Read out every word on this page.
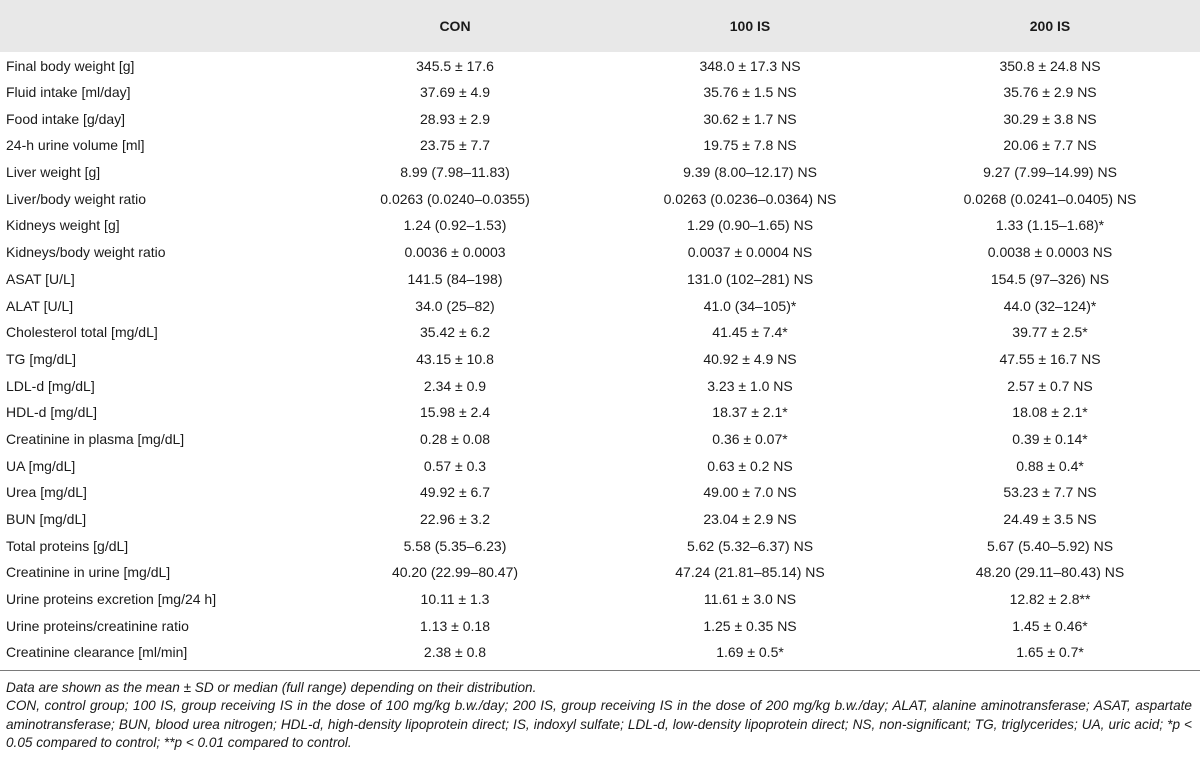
	CON	100 IS	200 IS
Final body weight [g]	345.5 ± 17.6	348.0 ± 17.3 NS	350.8 ± 24.8 NS
Fluid intake [ml/day]	37.69 ± 4.9	35.76 ± 1.5 NS	35.76 ± 2.9 NS
Food intake [g/day]	28.93 ± 2.9	30.62 ± 1.7 NS	30.29 ± 3.8 NS
24-h urine volume [ml]	23.75 ± 7.7	19.75 ± 7.8 NS	20.06 ± 7.7 NS
Liver weight [g]	8.99 (7.98–11.83)	9.39 (8.00–12.17) NS	9.27 (7.99–14.99) NS
Liver/body weight ratio	0.0263 (0.0240–0.0355)	0.0263 (0.0236–0.0364) NS	0.0268 (0.0241–0.0405) NS
Kidneys weight [g]	1.24 (0.92–1.53)	1.29 (0.90–1.65) NS	1.33 (1.15–1.68)*
Kidneys/body weight ratio	0.0036 ± 0.0003	0.0037 ± 0.0004 NS	0.0038 ± 0.0003 NS
ASAT [U/L]	141.5 (84–198)	131.0 (102–281) NS	154.5 (97–326) NS
ALAT [U/L]	34.0 (25–82)	41.0 (34–105)*	44.0 (32–124)*
Cholesterol total [mg/dL]	35.42 ± 6.2	41.45 ± 7.4*	39.77 ± 2.5*
TG [mg/dL]	43.15 ± 10.8	40.92 ± 4.9 NS	47.55 ± 16.7 NS
LDL-d [mg/dL]	2.34 ± 0.9	3.23 ± 1.0 NS	2.57 ± 0.7 NS
HDL-d [mg/dL]	15.98 ± 2.4	18.37 ± 2.1*	18.08 ± 2.1*
Creatinine in plasma [mg/dL]	0.28 ± 0.08	0.36 ± 0.07*	0.39 ± 0.14*
UA [mg/dL]	0.57 ± 0.3	0.63 ± 0.2 NS	0.88 ± 0.4*
Urea [mg/dL]	49.92 ± 6.7	49.00 ± 7.0 NS	53.23 ± 7.7 NS
BUN [mg/dL]	22.96 ± 3.2	23.04 ± 2.9 NS	24.49 ± 3.5 NS
Total proteins [g/dL]	5.58 (5.35–6.23)	5.62 (5.32–6.37) NS	5.67 (5.40–5.92) NS
Creatinine in urine [mg/dL]	40.20 (22.99–80.47)	47.24 (21.81–85.14) NS	48.20 (29.11–80.43) NS
Urine proteins excretion [mg/24 h]	10.11 ± 1.3	11.61 ± 3.0 NS	12.82 ± 2.8**
Urine proteins/creatinine ratio	1.13 ± 0.18	1.25 ± 0.35 NS	1.45 ± 0.46*
Creatinine clearance [ml/min]	2.38 ± 0.8	1.69 ± 0.5*	1.65 ± 0.7*

Data are shown as the mean ± SD or median (full range) depending on their distribution.

CON, control group; 100 IS, group receiving IS in the dose of 100 mg/kg b.w./day; 200 IS, group receiving IS in the dose of 200 mg/kg b.w./day; ALAT, alanine aminotransferase; ASAT, aspartate aminotransferase; BUN, blood urea nitrogen; HDL-d, high-density lipoprotein direct; IS, indoxyl sulfate; LDL-d, low-density lipoprotein direct; NS, non-significant; TG, triglycerides; UA, uric acid; *p < 0.05 compared to control; **p < 0.01 compared to control.
